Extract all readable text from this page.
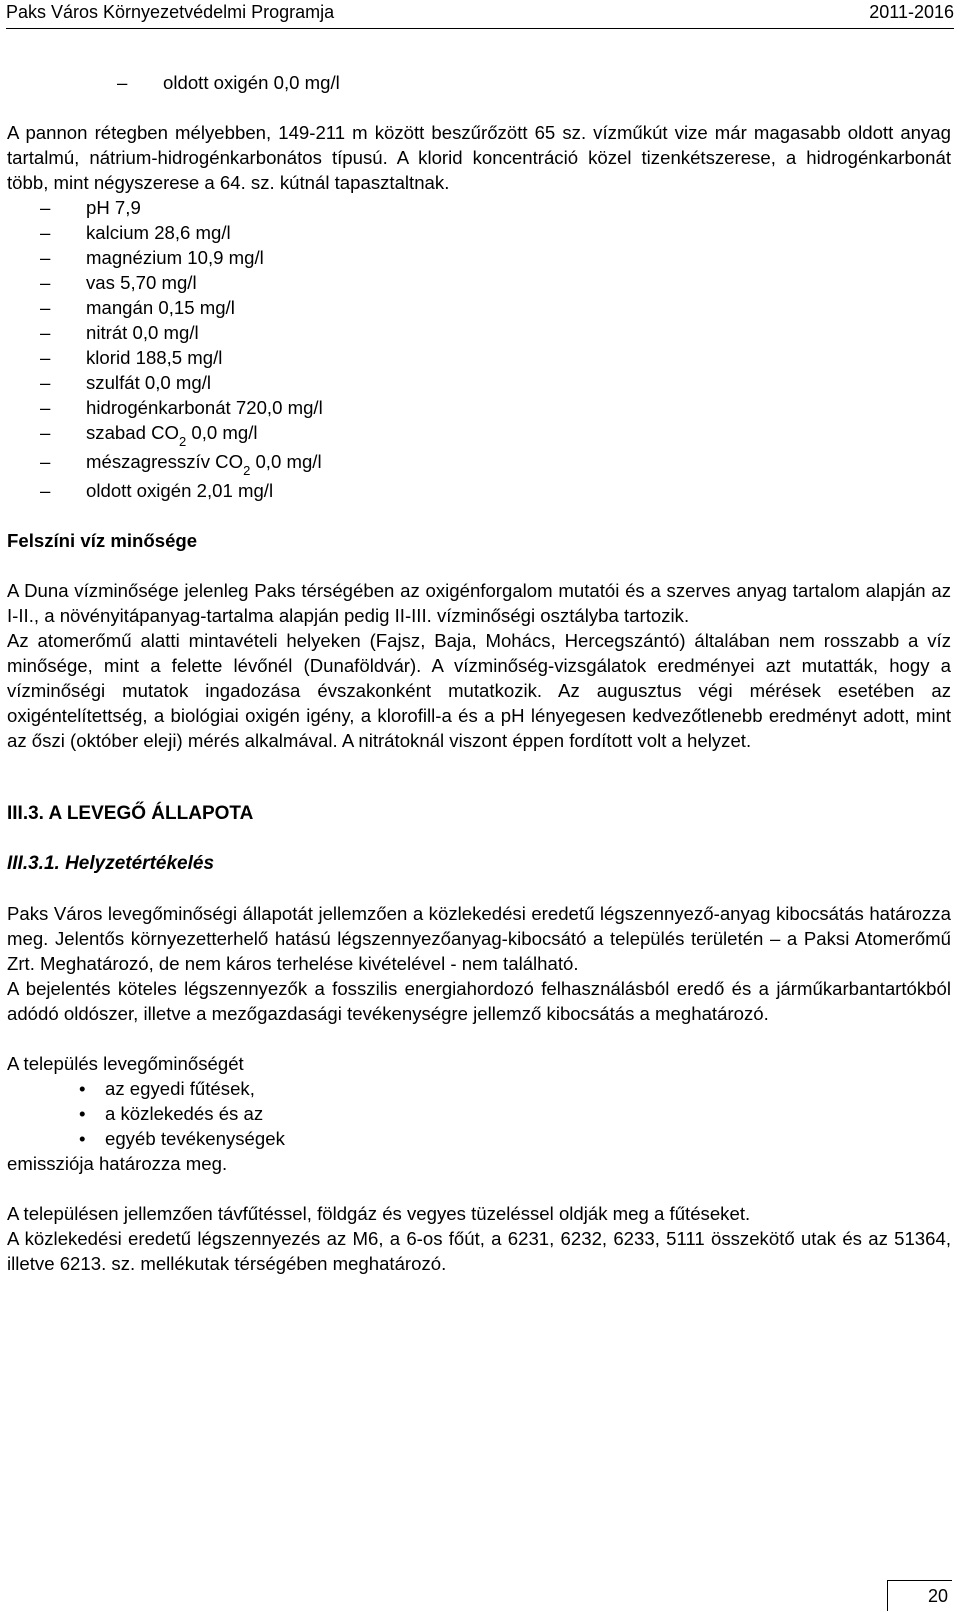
Paks Város Környezetvédelmi Programja	2011-2016
– oldott oxigén 0,0 mg/l

A pannon rétegben mélyebben, 149-211 m között beszűrőzött 65 sz. vízműkút vize már magasabb oldott anyag tartalmú, nátrium-hidrogénkarbonátos típusú. A klorid koncentráció közel tizenkétszerese, a hidrogénkarbonát több, mint négyszerese a 64. sz. kútnál tapasztaltnak.

– pH 7,9
– kalcium 28,6 mg/l
– magnézium 10,9 mg/l
– vas 5,70 mg/l
– mangán 0,15 mg/l
– nitrát 0,0 mg/l
– klorid 188,5 mg/l
– szulfát 0,0 mg/l
– hidrogénkarbonát 720,0 mg/l
– szabad $CO_2$ 0,0 mg/l
– mészagresszív $CO_2$ 0,0 mg/l
– oldott oxigén 2,01 mg/l
Felszíni víz minősége

A Duna vízminősége jelenleg Paks térségében az oxigénforgalom mutatói és a szerves anyag tartalom alapján az I-II., a növényitápanyag-tartalma alapján pedig II-III. vízminőségi osztályba tartozik.

Az atomerőmű alatti mintavételi helyeken (Fajsz, Baja, Mohács, Hercegszántó) általában nem rosszabb a víz minősége, mint a felette lévőnél (Dunaföldvár). A vízminőség-vizsgálatok eredményei azt mutatták, hogy a vízminőségi mutatok ingadozása évszakonként mutatkozik. Az augusztus végi mérések esetében az oxigéntelítettség, a biológiai oxigén igény, a klorofill-a és a pH lényegesen kedvezőtlenebb eredményt adott, mint az őszi (október eleji) mérés alkalmával. A nitrátoknál viszont éppen fordított volt a helyzet.

III.3. A LEVEGŐ ÁLLAPOTA
III.3.1. Helyzetértékelés

Paks Város levegőminőségi állapotát jellemzően a közlekedési eredetű légszennyező-anyag kibocsátás határozza meg. Jelentős környezetterhelő hatású légszennyezőanyag-kibocsátó a település területén – a Paksi Atomerőmű Zrt. Meghatározó, de nem káros terhelése kivételével - nem található.

A bejelentés köteles légszennyezők a fosszilis energiahordozó felhasználásból eredő és a járműkarbantartókból adódó oldószer, illetve a mezőgazdasági tevékenységre jellemző kibocsátás a meghatározó.

A település levegőminőségét

• az egyedi fűtések,
• a közlekedés és az
• egyéb tevékenységek

emissziója határozza meg.

A településen jellemzően távfűtéssel, földgáz és vegyes tüzeléssel oldják meg a fűtéseket.

A közlekedési eredetű légszennyezés az M6, a 6-os főút, a 6231, 6232, 6233, 5111 összekötő utak és az 51364, illetve 6213. sz. mellékutak térségében meghatározó.

20
